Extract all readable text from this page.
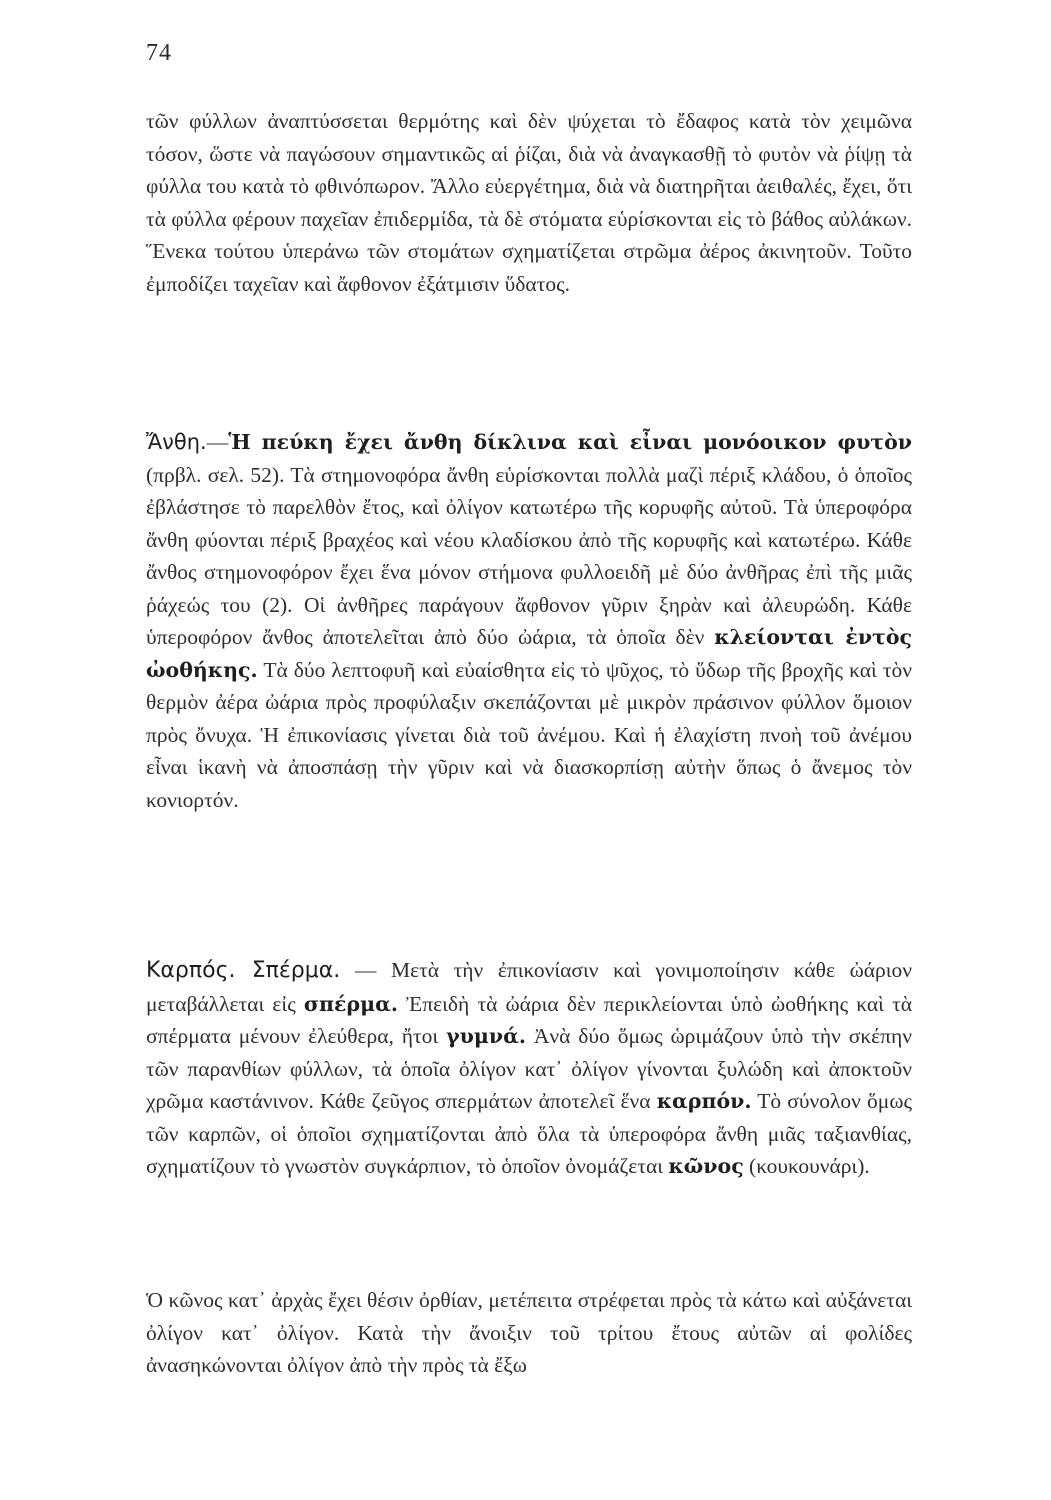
74

τῶν φύλλων ἀναπτύσσεται θερμότης καὶ δὲν ψύχεται τὸ ἔδαφος κατὰ τὸν χειμῶνα τόσον, ὥστε νὰ παγώσουν σημαντικῶς αἱ ῥίζαι, διὰ νὰ ἀναγκασθῇ τὸ φυτὸν νὰ ῥίψῃ τὰ φύλλα του κατὰ τὸ φθινόπωρον. Ἄλλο εὐεργέτημα, διὰ νὰ διατηρῆται ἀειθαλές, ἔχει, ὅτι τὰ φύλλα φέρουν παχεῖαν ἐπιδερμίδα, τὰ δὲ στόματα εὑρίσκονται εἰς τὸ βάθος αὐλάκων. Ἕνεκα τούτου ὑπεράνω τῶν στομάτων σχηματίζεται στρῶμα ἀέρος ἀκινητοῦν. Τοῦτο ἐμποδίζει ταχεῖαν καὶ ἄφθονον ἐξάτμισιν ὕδατος.

Ἄνθη.—Ἡ πεύκη ἔχει ἄνθη δίκλινα καὶ εἶναι μονόοικον φυτὸν (πρβλ. σελ. 52). Τὰ στημονοφόρα ἄνθη εὑρίσκονται πολλὰ μαζὶ πέριξ κλάδου, ὁ ὁποῖος ἐβλάστησε τὸ παρελθὸν ἔτος, καὶ ὀλίγον κατωτέρω τῆς κορυφῆς αὐτοῦ. Τὰ ὑπεροφόρα ἄνθη φύονται πέριξ βραχέος καὶ νέου κλαδίσκου ἀπὸ τῆς κορυφῆς καὶ κατωτέρω. Κάθε ἄνθος στημονοφόρον ἔχει ἕνα μόνον στήμονα φυλλοειδῆ μὲ δύο ἀνθῆρας ἐπὶ τῆς μιᾶς ῥάχεώς του (2). Οἱ ἀνθῆρες παράγουν ἄφθονον γῦριν ξηρὰν καὶ ἀλευρώδη. Κάθε ὑπεροφόρον ἄνθος ἀποτελεῖται ἀπὸ δύο ὠάρια, τὰ ὁποῖα δὲν κλείονται ἐντὸς ὠοθήκης. Τὰ δύο λεπτοφυῆ καὶ εὐαίσθητα εἰς τὸ ψῦχος, τὸ ὕδωρ τῆς βροχῆς καὶ τὸν θερμὸν ἀέρα ὠάρια πρὸς προφύλαξιν σκεπάζονται μὲ μικρὸν πράσινον φύλλον ὅμοιον πρὸς ὄνυχα. Ἡ ἐπικονίασις γίνεται διὰ τοῦ ἀνέμου. Καὶ ἡ ἐλαχίστη πνοὴ τοῦ ἀνέμου εἶναι ἱκανὴ νὰ ἀποσπάσῃ τὴν γῦριν καὶ νὰ διασκορπίσῃ αὐτὴν ὅπως ὁ ἄνεμος τὸν κονιορτόν.

Καρπός. Σπέρμα. — Μετὰ τὴν ἐπικονίασιν καὶ γονιμοποίησιν κάθε ὠάριον μεταβάλλεται εἰς σπέρμα. Ἐπειδὴ τὰ ὠάρια δὲν περικλείονται ὑπὸ ὠοθήκης καὶ τὰ σπέρματα μένουν ἐλεύθερα, ἤτοι γυμνά. Ἀνὰ δύο ὅμως ὡριμάζουν ὑπὸ τὴν σκέπην τῶν παρανθίων φύλλων, τὰ ὁποῖα ὀλίγον κατ᾽ ὀλίγον γίνονται ξυλώδη καὶ ἀποκτοῦν χρῶμα καστάνινον. Κάθε ζεῦγος σπερμάτων ἀποτελεῖ ἕνα καρπόν. Τὸ σύνολον ὅμως τῶν καρπῶν, οἱ ὁποῖοι σχηματίζονται ἀπὸ ὅλα τὰ ὑπεροφόρα ἄνθη μιᾶς ταξιανθίας, σχηματίζουν τὸ γνωστὸν συγκάρπιον, τὸ ὁποῖον ὀνομάζεται κῶνος (κουκουνάρι).

Ὁ κῶνος κατ᾽ ἀρχὰς ἔχει θέσιν ὀρθίαν, μετέπειτα στρέφεται πρὸς τὰ κάτω καὶ αὐξάνεται ὀλίγον κατ᾽ ὀλίγον. Κατὰ τὴν ἄνοιξιν τοῦ τρίτου ἔτους αὐτῶν αἱ φολίδες ἀνασηκώνονται ὀλίγον ἀπὸ τὴν πρὸς τὰ ἔξω
